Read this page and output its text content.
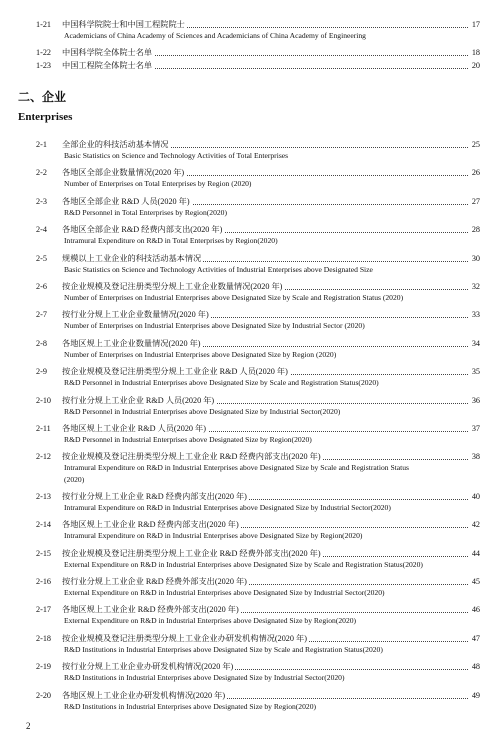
1-21 中国科学院院士和中国工程院院士	17
Academicians of China Academy of Sciences and Academicians of China Academy of Engineering
1-22 中国科学院全体院士名单	18
1-23 中国工程院全体院士名单	20
二、企业
Enterprises
2-1 全部企业的科技活动基本情况	25
Basic Statistics on Science and Technology Activities of Total Enterprises
2-2 各地区全部企业数量情况(2020 年)	26
Number of Enterprises on Total Enterprises by Region (2020)
2-3 各地区全部企业 R&D 人员(2020 年)	27
R&D Personnel in Total Enterprises by Region(2020)
2-4 各地区全部企业 R&D 经费内部支出(2020 年)	28
Intramural Expenditure on R&D in Total Enterprises by Region(2020)
2-5 规模以上工业企业的科技活动基本情况	30
Basic Statistics on Science and Technology Activities of Industrial Enterprises above Designated Size
2-6 按企业规模及登记注册类型分规上工业企业数量情况(2020 年)	32
Number of Enterprises on Industrial Enterprises above Designated Size by Scale and Registration Status (2020)
2-7 按行业分规上工业企业数量情况(2020 年)	33
Number of Enterprises on Industrial Enterprises above Designated Size by Industrial Sector (2020)
2-8 各地区规上工业企业数量情况(2020 年)	34
Number of Enterprises on Industrial Enterprises above Designated Size by Region (2020)
2-9 按企业规模及登记注册类型分规上工业企业 R&D 人员(2020 年)	35
R&D Personnel in Industrial Enterprises above Designated Size by Scale and Registration Status(2020)
2-10 按行业分规上工业企业 R&D 人员(2020 年)	36
R&D Personnel in Industrial Enterprises above Designated Size by Industrial Sector(2020)
2-11 各地区规上工业企业 R&D 人员(2020 年)	37
R&D Personnel in Industrial Enterprises above Designated Size by Region(2020)
2-12 按企业规模及登记注册类型分规上工业企业 R&D 经费内部支出(2020 年)	38
Intramural Expenditure on R&D in Industrial Enterprises above Designated Size by Scale and Registration Status
(2020)
2-13 按行业分规上工业企业 R&D 经费内部支出(2020 年)	40
Intramural Expenditure on R&D in Industrial Enterprises above Designated Size by Industrial Sector(2020)
2-14 各地区规上工业企业 R&D 经费内部支出(2020 年)	42
Intramural Expenditure on R&D in Industrial Enterprises above Designated Size by Region(2020)
2-15 按企业规模及登记注册类型分规上工业企业 R&D 经费外部支出(2020 年)	44
External Expenditure on R&D in Industrial Enterprises above Designated Size by Scale and Registration Status(2020)
2-16 按行业分规上工业企业 R&D 经费外部支出(2020 年)	45
External Expenditure on R&D in Industrial Enterprises above Designated Size by Industrial Sector(2020)
2-17 各地区规上工业企业 R&D 经费外部支出(2020 年)	46
External Expenditure on R&D in Industrial Enterprises above Designated Size by Region(2020)
2-18 按企业规模及登记注册类型分规上工业企业办研发机构情况(2020 年)	47
R&D Institutions in Industrial Enterprises above Designated Size by Scale and Registration Status(2020)
2-19 按行业分规上工业企业办研发机构情况(2020 年)	48
R&D Institutions in Industrial Enterprises above Designated Size by Industrial Sector(2020)
2-20 各地区规上工业企业办研发机构情况(2020 年)	49
R&D Institutions in Industrial Enterprises above Designated Size by Region(2020)
2
